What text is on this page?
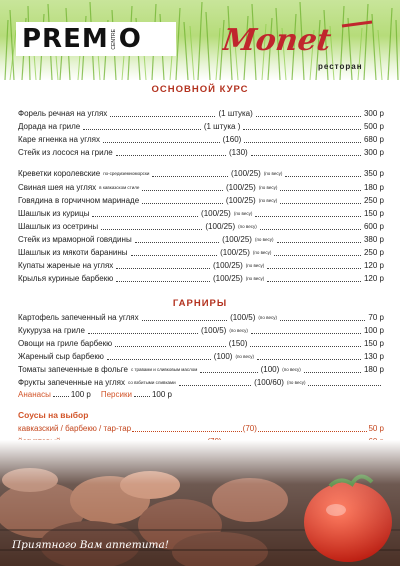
PREM CENTRE O	Monet
ресторан
ОСНОВНОЙ КУРС
Форель речная на углях	(1 штука)	300 р
Дорада на гриле	(1 штука )	500 р
Каре ягненка на углях	(160)	680 р
Стейк из лосося на гриле	(130)	300 р
Креветки королевские по-средиземноморски	(100/25) (по весу)	350 р
Свиная шея на углях в кавказском стиле	(100/25) (по весу)	180 р
Говядина в горчичном маринаде	(100/25) (по весу)	250 р
Шашлык из курицы	(100/25) (по весу)	150 р
Шашлык из осетрины	(100/25) (по весу)	600 р
Стейк из мраморной говядины	(100/25) (по весу)	380 р
Шашлык из мякоти баранины	(100/25) (по весу)	250 р
Купаты жареные на углях	(100/25) (по весу)	120 р
Крылья куриные барбекю	(100/25) (по весу)	120 р
ГАРНИРЫ
Картофель запеченный на углях	(100/5) (по весу)	70 р
Кукуруза на гриле	(100/5) (по весу)	100 р
Овощи на гриле барбекю	(150)	150 р
Жареный сыр барбекю	(100) (по весу)	130 р
Томаты запеченные в фольге с травами и сливковым маслом	(100) (по весу)	180 р
Фрукты запеченные на углях со взбитыми сливками	(100/60) (по весу)
Ананасы	100 р Персики	100 р
Соусы на выбор
кавказский / барбекю / тар-тар	(70)	50 р
Приятного Вам аппетита!
